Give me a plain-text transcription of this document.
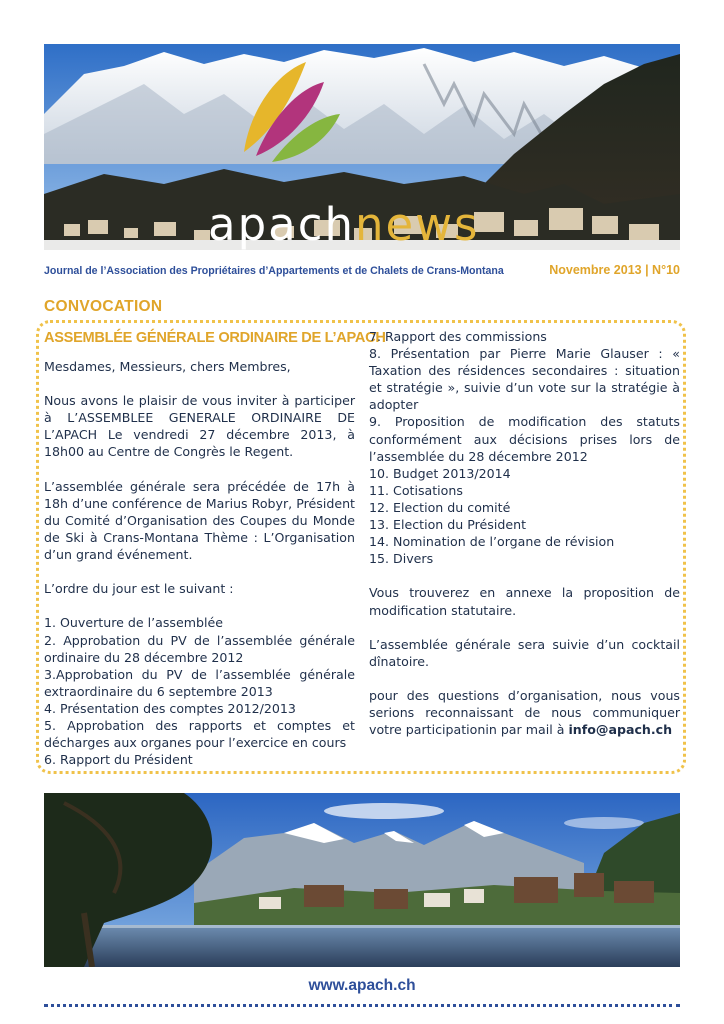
apachnews
Journal de l’Association des Propriétaires d’Appartements et de Chalets de Crans-Montana	Novembre 2013 | N°10
CONVOCATION
ASSEMBLÉE GÉNÉRALE ORDINAIRE DE L’APACH

Mesdames, Messieurs, chers Membres,

Nous avons le plaisir de vous inviter à participer à L’ASSEMBLEE GENERALE ORDINAIRE DE L’APACH Le vendredi 27 décembre 2013, à 18h00 au Centre de Congrès le Regent.

L’assemblée générale sera précédée de 17h à 18h d’une conférence de Marius Robyr, Président du Comité d’Organisation des Coupes du Monde de Ski à Crans-Montana Thème : L’Organisation d’un grand événement.

L’ordre du jour est le suivant :

1. Ouverture de l’assemblée

2. Approbation du PV de l’assemblée générale ordinaire du 28 décembre 2012

3.Approbation du PV de l’assemblée générale extraordinaire du 6 septembre 2013

4. Présentation des comptes 2012/2013

5. Approbation des rapports et comptes et décharges aux organes pour l’exercice en cours

6. Rapport du Président

7. Rapport des commissions

8. Présentation par Pierre Marie Glauser : « Taxation des résidences secondaires : situation et stratégie », suivie d’un vote sur la stratégie à adopter

9. Proposition de modification des statuts conformément aux décisions prises lors de l’assemblée du 28 décembre 2012

10. Budget 2013/2014

11. Cotisations

12. Election du comité

13. Election du Président

14. Nomination de l’organe de révision

15. Divers

Vous trouverez en annexe la proposition de modification statutaire.

L’assemblée générale sera suivie d’un cocktail dînatoire.

pour des questions d’organisation, nous vous serions reconnaissant de nous communiquer votre participationin par mail à info@apach.ch

www.apach.ch
